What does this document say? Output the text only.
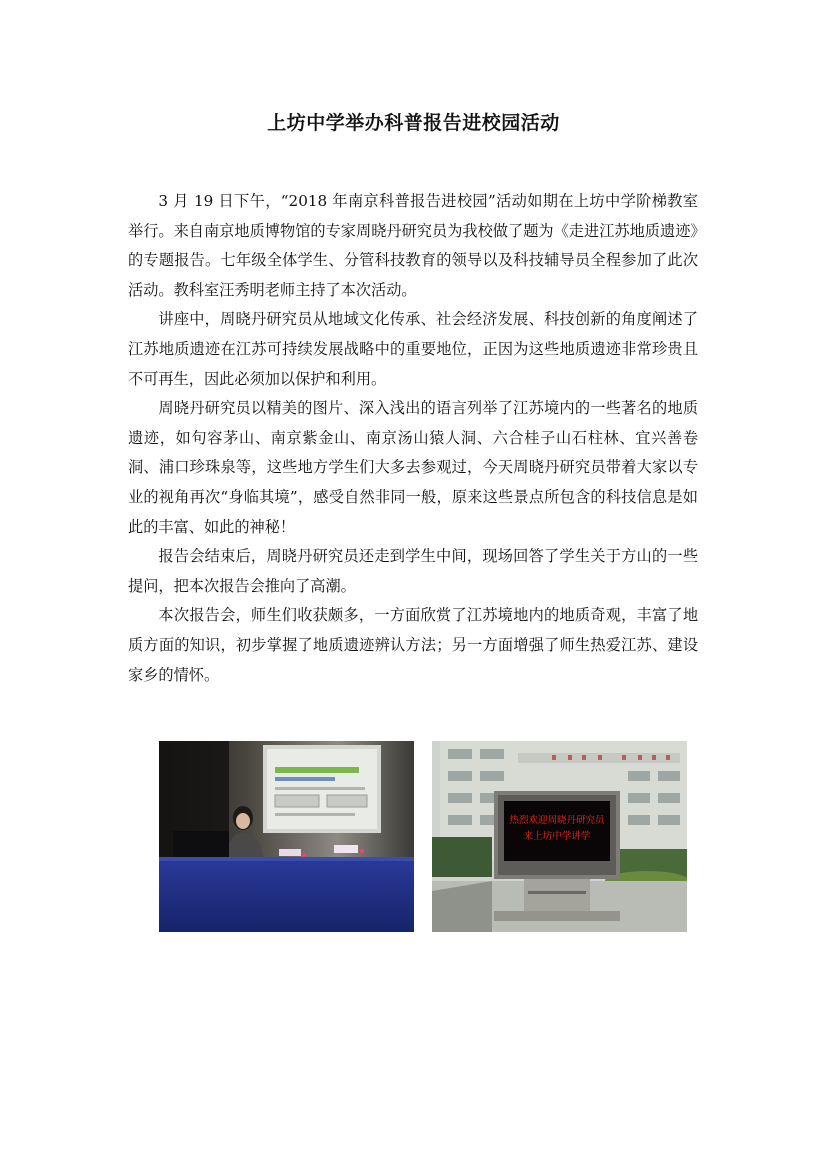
上坊中学举办科普报告进校园活动

3 月 19 日下午，“2018 年南京科普报告进校园”活动如期在上坊中学阶梯教室举行。来自南京地质博物馆的专家周晓丹研究员为我校做了题为《走进江苏地质遗迹》的专题报告。七年级全体学生、分管科技教育的领导以及科技辅导员全程参加了此次活动。教科室汪秀明老师主持了本次活动。

讲座中，周晓丹研究员从地域文化传承、社会经济发展、科技创新的角度阐述了江苏地质遗迹在江苏可持续发展战略中的重要地位，正因为这些地质遗迹非常珍贵且不可再生，因此必须加以保护和利用。

周晓丹研究员以精美的图片、深入浅出的语言列举了江苏境内的一些著名的地质遗迹，如句容茅山、南京紫金山、南京汤山猿人洞、六合桂子山石柱林、宜兴善卷洞、浦口珍珠泉等，这些地方学生们大多去参观过，今天周晓丹研究员带着大家以专业的视角再次“身临其境”，感受自然非同一般，原来这些景点所包含的科技信息是如此的丰富、如此的神秘！

报告会结束后，周晓丹研究员还走到学生中间，现场回答了学生关于方山的一些提问，把本次报告会推向了高潮。

本次报告会，师生们收获颇多，一方面欣赏了江苏境地内的地质奇观，丰富了地质方面的知识，初步掌握了地质遗迹辨认方法；另一方面增强了师生热爱江苏、建设家乡的情怀。

热烈欢迎周晓丹研究员
来上坊中学讲学
